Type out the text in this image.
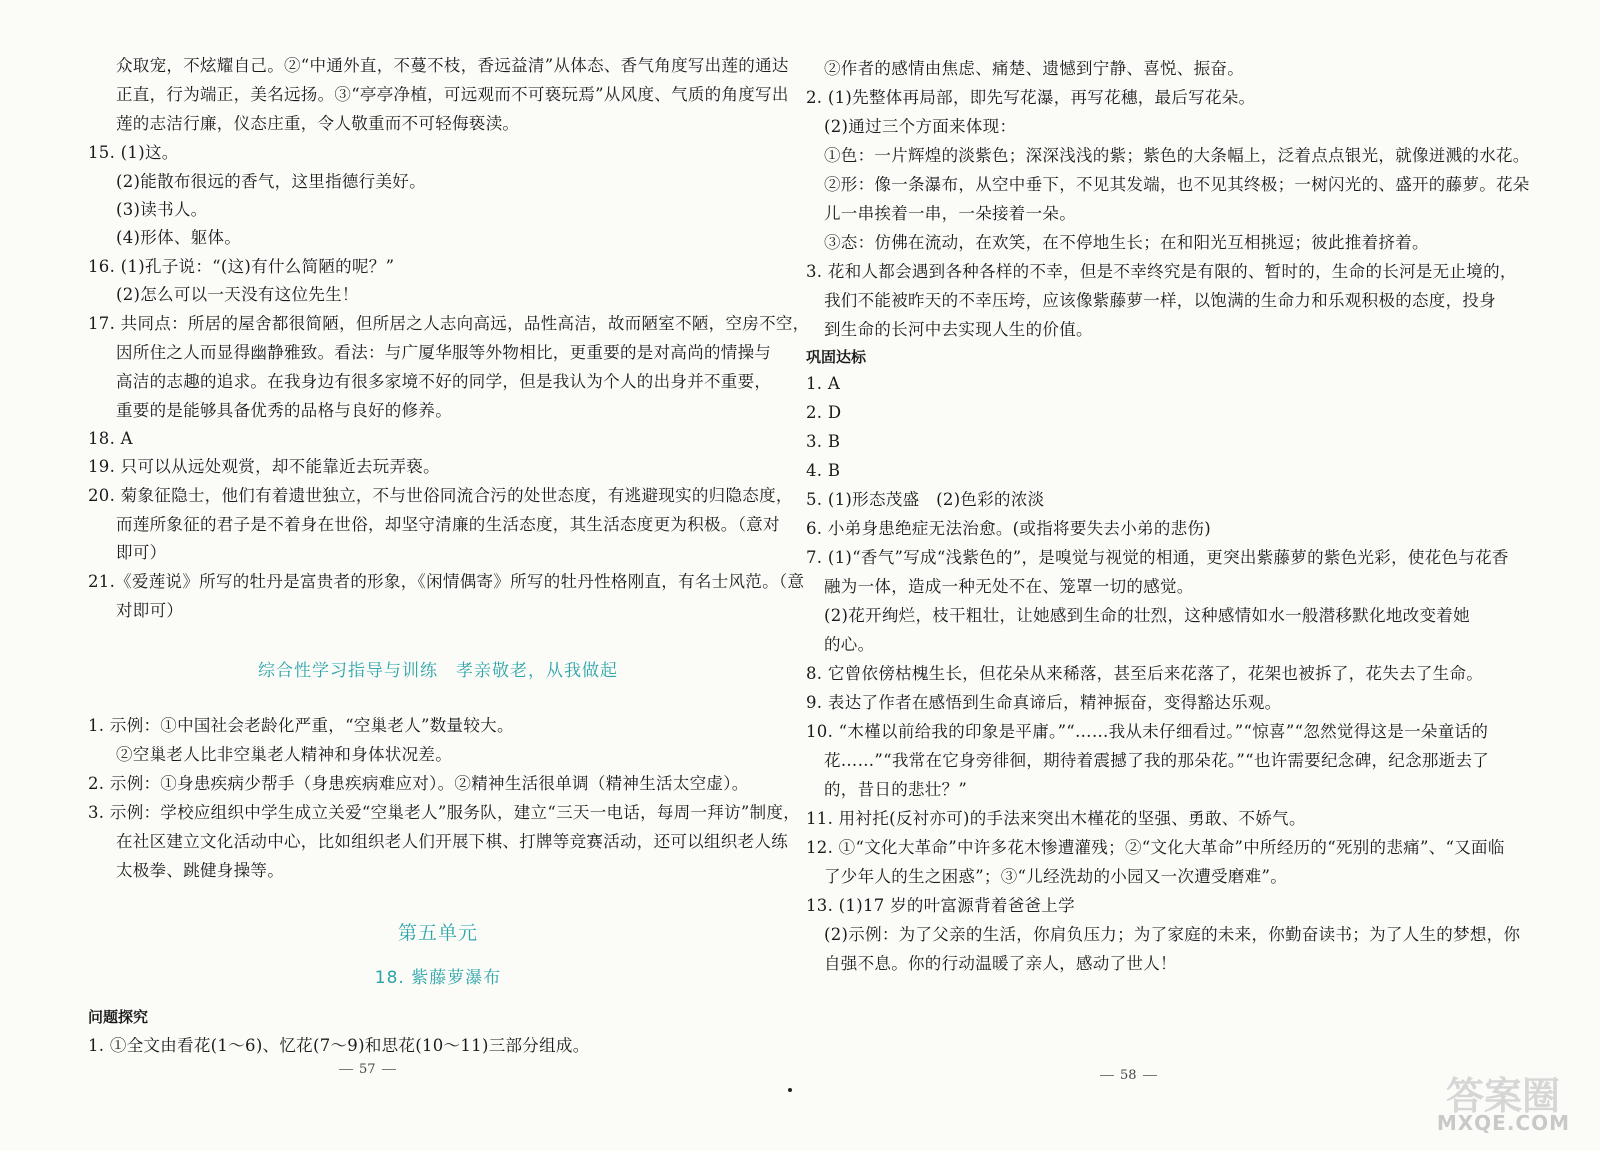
众取宠，不炫耀自己。②“中通外直，不蔓不枝，香远益清”从体态、香气角度写出莲的通达
正直，行为端正，美名远扬。③“亭亭净植，可远观而不可亵玩焉”从风度、气质的角度写出
莲的志洁行廉，仪态庄重，令人敬重而不可轻侮亵渎。
15. (1)这。
(2)能散布很远的香气，这里指德行美好。
(3)读书人。
(4)形体、躯体。
16. (1)孔子说：“(这)有什么简陋的呢？”
(2)怎么可以一天没有这位先生！
17. 共同点：所居的屋舍都很简陋，但所居之人志向高远，品性高洁，故而陋室不陋，空房不空，
因所住之人而显得幽静雅致。看法：与广厦华服等外物相比，更重要的是对高尚的情操与
高洁的志趣的追求。在我身边有很多家境不好的同学，但是我认为个人的出身并不重要，
重要的是能够具备优秀的品格与良好的修养。
18. A
19. 只可以从远处观赏，却不能靠近去玩弄亵。
20. 菊象征隐士，他们有着遗世独立，不与世俗同流合污的处世态度，有逃避现实的归隐态度，
而莲所象征的君子是不着身在世俗，却坚守清廉的生活态度，其生活态度更为积极。（意对
即可）
21.《爱莲说》所写的牡丹是富贵者的形象，《闲情偶寄》所写的牡丹性格刚直，有名士风范。（意
对即可）
综合性学习指导与训练　孝亲敬老，从我做起
1. 示例：①中国社会老龄化严重，“空巢老人”数量较大。
②空巢老人比非空巢老人精神和身体状况差。
2. 示例：①身患疾病少帮手（身患疾病难应对）。②精神生活很单调（精神生活太空虚）。
3. 示例：学校应组织中学生成立关爱“空巢老人”服务队，建立“三天一电话，每周一拜访”制度，
在社区建立文化活动中心，比如组织老人们开展下棋、打牌等竞赛活动，还可以组织老人练
太极拳、跳健身操等。
第五单元
18. 紫藤萝瀑布
问题探究
1. ①全文由看花(1～6)、忆花(7～9)和思花(10～11)三部分组成。
57
②作者的感情由焦虑、痛楚、遗憾到宁静、喜悦、振奋。
2. (1)先整体再局部，即先写花瀑，再写花穗，最后写花朵。
(2)通过三个方面来体现：
①色：一片辉煌的淡紫色；深深浅浅的紫；紫色的大条幅上，泛着点点银光，就像迸溅的水花。
②形：像一条瀑布，从空中垂下，不见其发端，也不见其终极；一树闪光的、盛开的藤萝。花朵
儿一串挨着一串，一朵接着一朵。
③态：仿佛在流动，在欢笑，在不停地生长；在和阳光互相挑逗；彼此推着挤着。
3. 花和人都会遇到各种各样的不幸，但是不幸终究是有限的、暂时的，生命的长河是无止境的，
我们不能被昨天的不幸压垮，应该像紫藤萝一样，以饱满的生命力和乐观积极的态度，投身
到生命的长河中去实现人生的价值。
巩固达标
1. A
2. D
3. B
4. B
5. (1)形态茂盛　(2)色彩的浓淡
6. 小弟身患绝症无法治愈。(或指将要失去小弟的悲伤)
7. (1)“香气”写成“浅紫色的”，是嗅觉与视觉的相通，更突出紫藤萝的紫色光彩，使花色与花香
融为一体，造成一种无处不在、笼罩一切的感觉。
(2)花开绚烂，枝干粗壮，让她感到生命的壮烈，这种感情如水一般潜移默化地改变着她
的心。
8. 它曾依傍枯槐生长，但花朵从来稀落，甚至后来花落了，花架也被拆了，花失去了生命。
9. 表达了作者在感悟到生命真谛后，精神振奋，变得豁达乐观。
10. “木槿以前给我的印象是平庸。”“……我从未仔细看过。”“惊喜”“忽然觉得这是一朵童话的
花……”“我常在它身旁徘徊，期待着震撼了我的那朵花。”“也许需要纪念碑，纪念那逝去了
的，昔日的悲壮？”
11. 用衬托(反衬亦可)的手法来突出木槿花的坚强、勇敢、不娇气。
12. ①“文化大革命”中许多花木惨遭灌残；②“文化大革命”中所经历的“死别的悲痛”、“又面临
了少年人的生之困惑”；③“儿经洗劫的小园又一次遭受磨难”。
13. (1)17 岁的叶富源背着爸爸上学
(2)示例：为了父亲的生活，你肩负压力；为了家庭的未来，你勤奋读书；为了人生的梦想，你
自强不息。你的行动温暖了亲人，感动了世人！
58	答案圈
MXQE.COM
